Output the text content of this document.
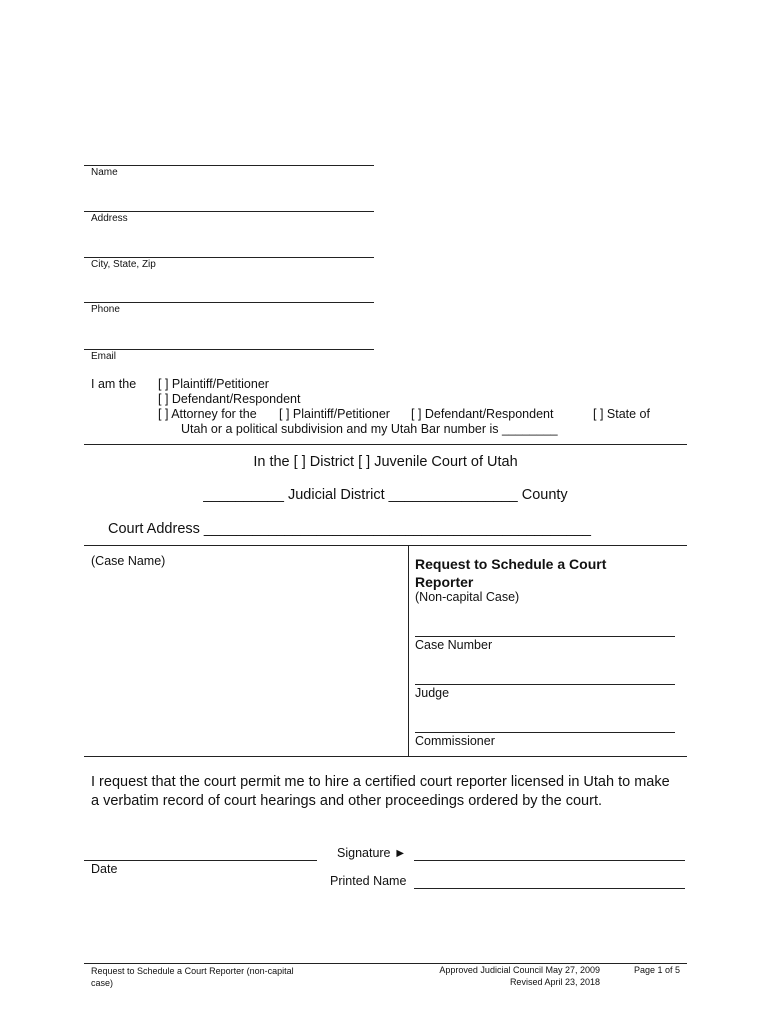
Name
Address
City, State, Zip
Phone
Email
I am the [ ] Plaintiff/Petitioner
[ ] Defendant/Respondent
[ ] Attorney for the [ ] Plaintiff/Petitioner [ ] Defendant/Respondent	[ ] State of
Utah or a political subdivision and my Utah Bar number is ________
In the [ ] District [ ] Juvenile Court of Utah
__________ Judicial District ________________ County
Court Address ________________________________________________
(Case Name)	Request to Schedule a Court Reporter
(Non-capital Case)
Case Number
Judge
Commissioner
I request that the court permit me to hire a certified court reporter licensed in Utah to make a verbatim record of court hearings and other proceedings ordered by the court.
Date
Signature ►
Printed Name
Request to Schedule a Court Reporter (non-capital case)
Approved Judicial Council May 27, 2009
Revised April 23, 2018
Page 1 of 5
